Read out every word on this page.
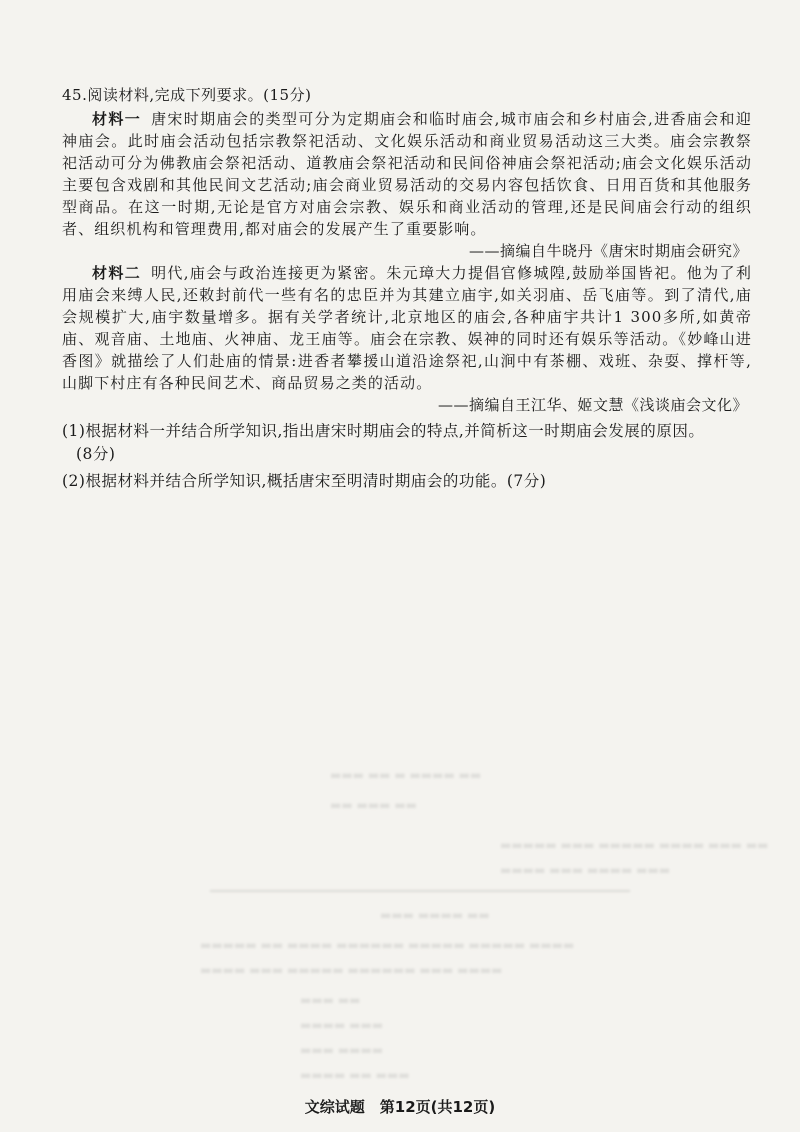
45.阅读材料,完成下列要求。(15分)

材料一 唐宋时期庙会的类型可分为定期庙会和临时庙会,城市庙会和乡村庙会,进香庙会和迎神庙会。此时庙会活动包括宗教祭祀活动、文化娱乐活动和商业贸易活动这三大类。庙会宗教祭祀活动可分为佛教庙会祭祀活动、道教庙会祭祀活动和民间俗神庙会祭祀活动;庙会文化娱乐活动主要包含戏剧和其他民间文艺活动;庙会商业贸易活动的交易内容包括饮食、日用百货和其他服务型商品。在这一时期,无论是官方对庙会宗教、娱乐和商业活动的管理,还是民间庙会行动的组织者、组织机构和管理费用,都对庙会的发展产生了重要影响。

——摘编自牛晓丹《唐宋时期庙会研究》

材料二 明代,庙会与政治连接更为紧密。朱元璋大力提倡官修城隍,鼓励举国皆祀。他为了利用庙会来缚人民,还敕封前代一些有名的忠臣并为其建立庙宇,如关羽庙、岳飞庙等。到了清代,庙会规模扩大,庙宇数量增多。据有关学者统计,北京地区的庙会,各种庙宇共计1 300多所,如黄帝庙、观音庙、土地庙、火神庙、龙王庙等。庙会在宗教、娱神的同时还有娱乐等活动。《妙峰山进香图》就描绘了人们赴庙的情景:进香者攀援山道沿途祭祀,山涧中有茶棚、戏班、杂耍、撑杆等,山脚下村庄有各种民间艺术、商品贸易之类的活动。

——摘编自王江华、姬文慧《浅谈庙会文化》

(1)根据材料一并结合所学知识,指出唐宋时期庙会的特点,并简析这一时期庙会发展的原因。
(8分)

(2)根据材料并结合所学知识,概括唐宋至明清时期庙会的功能。(7分)

▬▬▬ ▬▬ ▬ ▬▬▬▬ ▬▬
▬▬ ▬▬▬ ▬▬
▬▬▬▬▬ ▬▬▬ ▬▬▬▬▬ ▬▬▬▬ ▬▬▬ ▬▬
▬▬▬▬ ▬▬▬ ▬▬▬▬ ▬▬▬
▬▬▬ ▬▬▬▬ ▬▬
▬▬▬▬▬ ▬▬ ▬▬▬▬ ▬▬▬▬▬▬ ▬▬▬▬▬ ▬▬▬▬▬ ▬▬▬▬
▬▬▬▬ ▬▬▬ ▬▬▬▬▬ ▬▬▬▬▬▬ ▬▬▬ ▬▬▬▬
▬▬▬ ▬▬
▬▬▬▬ ▬▬▬
▬▬▬ ▬▬▬▬
▬▬▬▬ ▬▬ ▬▬▬
文综试题　第12页(共12页)
